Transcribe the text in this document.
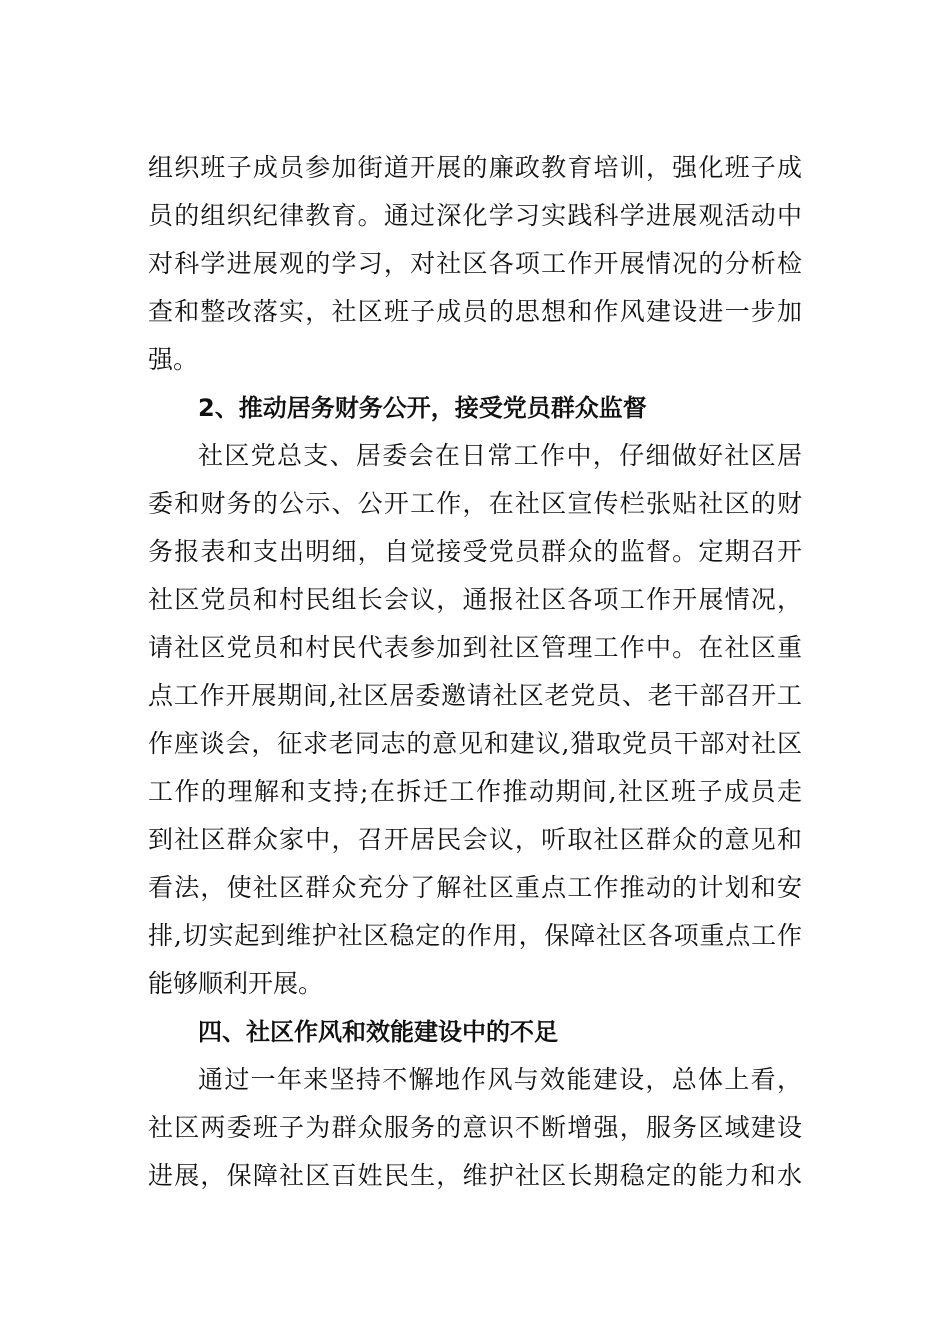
组织班子成员参加街道开展的廉政教育培训，强化班子成
员的组织纪律教育。通过深化学习实践科学进展观活动中
对科学进展观的学习，对社区各项工作开展情况的分析检
查和整改落实，社区班子成员的思想和作风建设进一步加
强。
2、推动居务财务公开，接受党员群众监督
社区党总支、居委会在日常工作中，仔细做好社区居
委和财务的公示、公开工作，在社区宣传栏张贴社区的财
务报表和支出明细，自觉接受党员群众的监督。定期召开
社区党员和村民组长会议，通报社区各项工作开展情况，
请社区党员和村民代表参加到社区管理工作中。在社区重
点工作开展期间,社区居委邀请社区老党员、老干部召开工
作座谈会，征求老同志的意见和建议,猎取党员干部对社区
工作的理解和支持;在拆迁工作推动期间,社区班子成员走
到社区群众家中，召开居民会议，听取社区群众的意见和
看法，使社区群众充分了解社区重点工作推动的计划和安
排,切实起到维护社区稳定的作用，保障社区各项重点工作
能够顺利开展。
四、社区作风和效能建设中的不足
通过一年来坚持不懈地作风与效能建设，总体上看，
社区两委班子为群众服务的意识不断增强，服务区域建设
进展，保障社区百姓民生，维护社区长期稳定的能力和水
